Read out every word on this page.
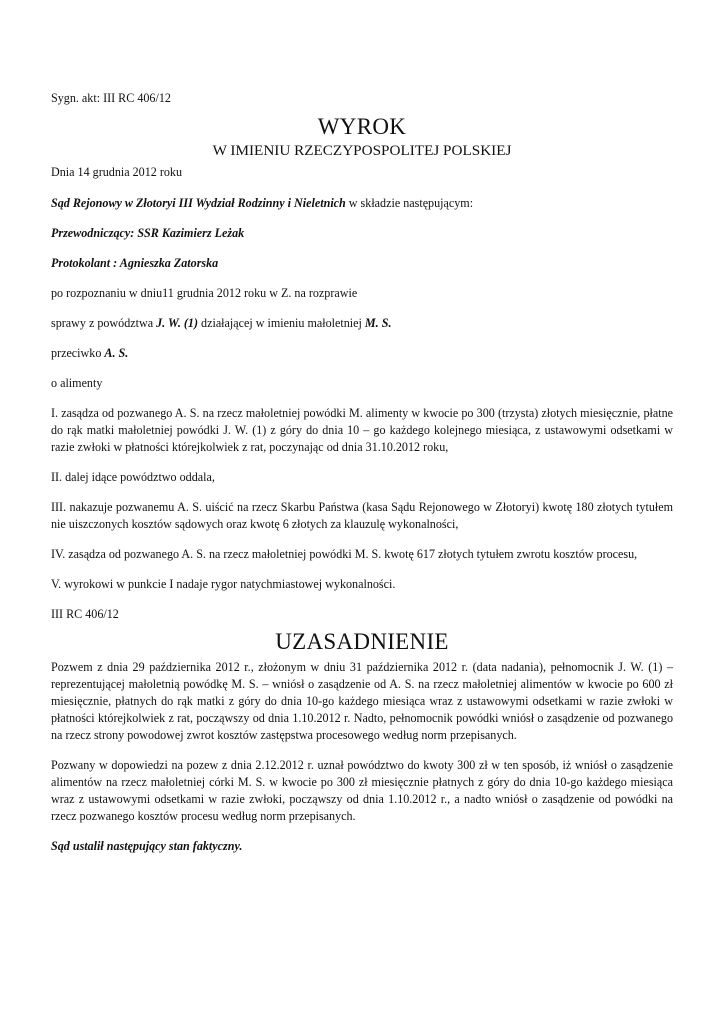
Sygn. akt: III RC 406/12

WYROK

W IMIENIU RZECZYPOSPOLITEJ POLSKIEJ

Dnia 14 grudnia 2012 roku

Sąd Rejonowy w Złotoryi III Wydział Rodzinny i Nieletnich w składzie następującym:

Przewodniczący: SSR Kazimierz Leżak

Protokolant : Agnieszka Zatorska

po rozpoznaniu w dniu11 grudnia 2012 roku w Z. na rozprawie

sprawy z powództwa J. W. (1) działającej w imieniu małoletniej M. S.

przeciwko A. S.

o alimenty

I. zasądza od pozwanego A. S. na rzecz małoletniej powódki M. alimenty w kwocie po 300 (trzysta) złotych miesięcznie, płatne do rąk matki małoletniej powódki J. W. (1) z góry do dnia 10 – go każdego kolejnego miesiąca, z ustawowymi odsetkami w razie zwłoki w płatności którejkolwiek z rat, poczynając od dnia 31.10.2012 roku,

II. dalej idące powództwo oddala,

III. nakazuje pozwanemu A. S. uiścić na rzecz Skarbu Państwa (kasa Sądu Rejonowego w Złotoryi) kwotę 180 złotych tytułem nie uiszczonych kosztów sądowych oraz kwotę 6 złotych za klauzulę wykonalności,

IV. zasądza od pozwanego A. S. na rzecz małoletniej powódki M. S. kwotę 617 złotych tytułem zwrotu kosztów procesu,

V. wyrokowi w punkcie I nadaje rygor natychmiastowej wykonalności.

III RC 406/12

UZASADNIENIE

Pozwem z dnia 29 października 2012 r., złożonym w dniu 31 października 2012 r. (data nadania), pełnomocnik J. W. (1) – reprezentującej małoletnią powódkę M. S. – wniósł o zasądzenie od A. S. na rzecz małoletniej alimentów w kwocie po 600 zł miesięcznie, płatnych do rąk matki z góry do dnia 10-go każdego miesiąca wraz z ustawowymi odsetkami w razie zwłoki w płatności którejkolwiek z rat, począwszy od dnia 1.10.2012 r. Nadto, pełnomocnik powódki wniósł o zasądzenie od pozwanego na rzecz strony powodowej zwrot kosztów zastępstwa procesowego według norm przepisanych.

Pozwany w dopowiedzi na pozew z dnia 2.12.2012 r. uznał powództwo do kwoty 300 zł w ten sposób, iż wniósł o zasądzenie alimentów na rzecz małoletniej córki M. S. w kwocie po 300 zł miesięcznie płatnych z góry do dnia 10-go każdego miesiąca wraz z ustawowymi odsetkami w razie zwłoki, począwszy od dnia 1.10.2012 r., a nadto wniósł o zasądzenie od powódki na rzecz pozwanego kosztów procesu według norm przepisanych.

Sąd ustalił następujący stan faktyczny.
